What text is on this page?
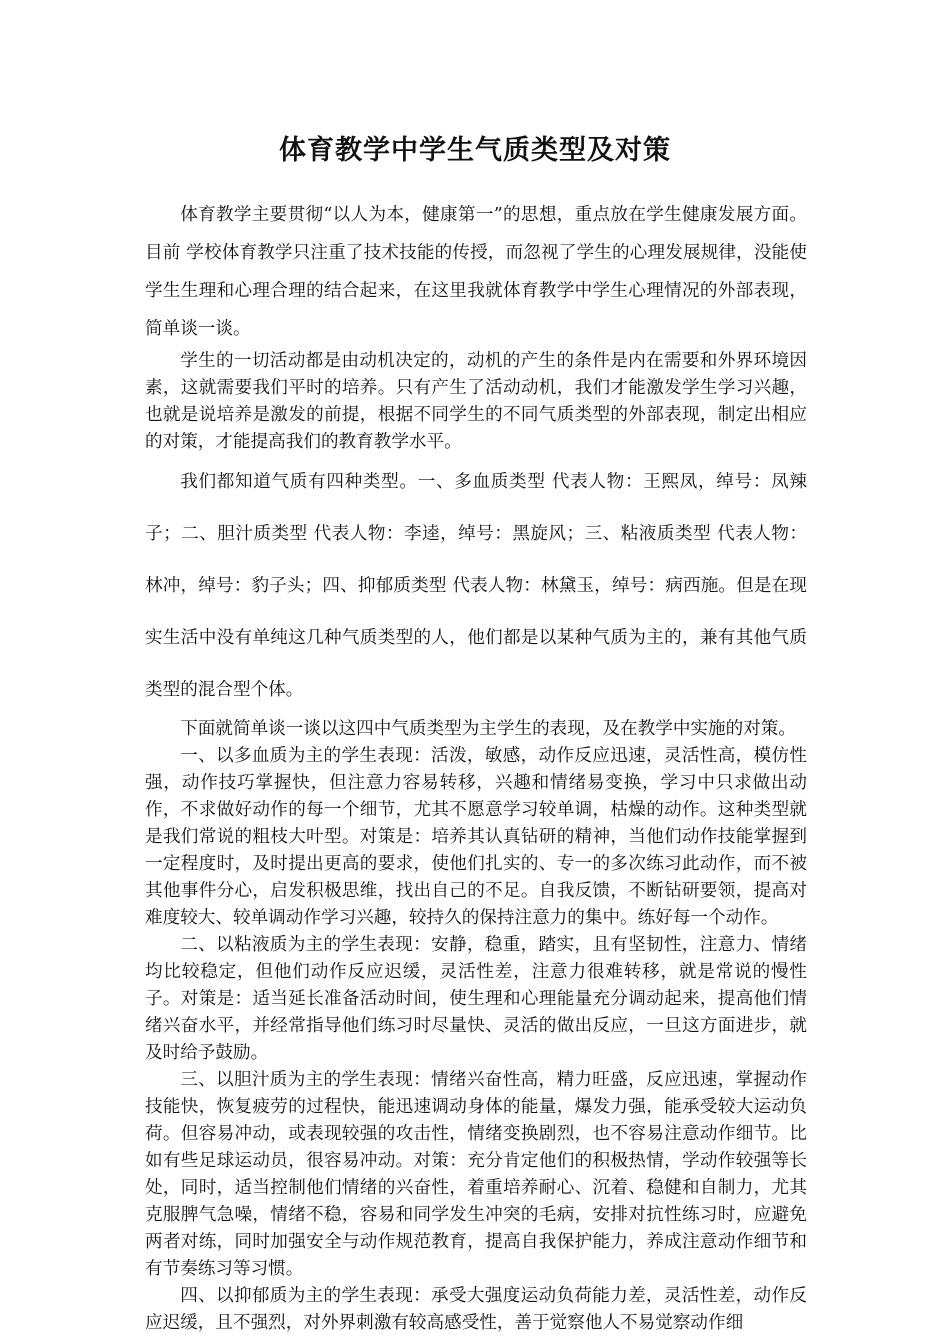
体育教学中学生气质类型及对策

体育教学主要贯彻“以人为本，健康第一”的思想，重点放在学生健康发展方面。目前 学校体育教学只注重了技术技能的传授，而忽视了学生的心理发展规律，没能使学生生理和心理合理的结合起来，在这里我就体育教学中学生心理情况的外部表现，简单谈一谈。

学生的一切活动都是由动机决定的，动机的产生的条件是内在需要和外界环境因素，这就需要我们平时的培养。只有产生了活动动机，我们才能激发学生学习兴趣，也就是说培养是激发的前提，根据不同学生的不同气质类型的外部表现，制定出相应的对策，才能提高我们的教育教学水平。

我们都知道气质有四种类型。一、多血质类型 代表人物：王熙凤，绰号：凤辣子；二、胆汁质类型 代表人物：李逵，绰号：黑旋风；三、粘液质类型 代表人物：林冲，绰号：豹子头；四、抑郁质类型 代表人物：林黛玉，绰号：病西施。但是在现实生活中没有单纯这几种气质类型的人，他们都是以某种气质为主的，兼有其他气质类型的混合型个体。

下面就简单谈一谈以这四中气质类型为主学生的表现，及在教学中实施的对策。

一、以多血质为主的学生表现：活泼，敏感，动作反应迅速，灵活性高，模仿性强，动作技巧掌握快，但注意力容易转移，兴趣和情绪易变换，学习中只求做出动作，不求做好动作的每一个细节，尤其不愿意学习较单调，枯燥的动作。这种类型就是我们常说的粗枝大叶型。对策是：培养其认真钻研的精神，当他们动作技能掌握到一定程度时，及时提出更高的要求，使他们扎实的、专一的多次练习此动作，而不被其他事件分心，启发积极思维，找出自己的不足。自我反馈，不断钻研要领，提高对难度较大、较单调动作学习兴趣，较持久的保持注意力的集中。练好每一个动作。

二、以粘液质为主的学生表现：安静，稳重，踏实，且有坚韧性，注意力、情绪均比较稳定，但他们动作反应迟缓，灵活性差，注意力很难转移，就是常说的慢性子。对策是：适当延长准备活动时间，使生理和心理能量充分调动起来，提高他们情绪兴奋水平，并经常指导他们练习时尽量快、灵活的做出反应，一旦这方面进步，就及时给予鼓励。

三、以胆汁质为主的学生表现：情绪兴奋性高，精力旺盛，反应迅速，掌握动作技能快，恢复疲劳的过程快，能迅速调动身体的能量，爆发力强，能承受较大运动负荷。但容易冲动，或表现较强的攻击性，情绪变换剧烈，也不容易注意动作细节。比如有些足球运动员，很容易冲动。对策：充分肯定他们的积极热情，学动作较强等长处，同时，适当控制他们情绪的兴奋性，着重培养耐心、沉着、稳健和自制力，尤其克服脾气急噪，情绪不稳，容易和同学发生冲突的毛病，安排对抗性练习时，应避免两者对练，同时加强安全与动作规范教育，提高自我保护能力，养成注意动作细节和有节奏练习等习惯。

四、以抑郁质为主的学生表现：承受大强度运动负荷能力差，灵活性差，动作反应迟缓，且不强烈，对外界刺激有较高感受性，善于觉察他人不易觉察动作细
